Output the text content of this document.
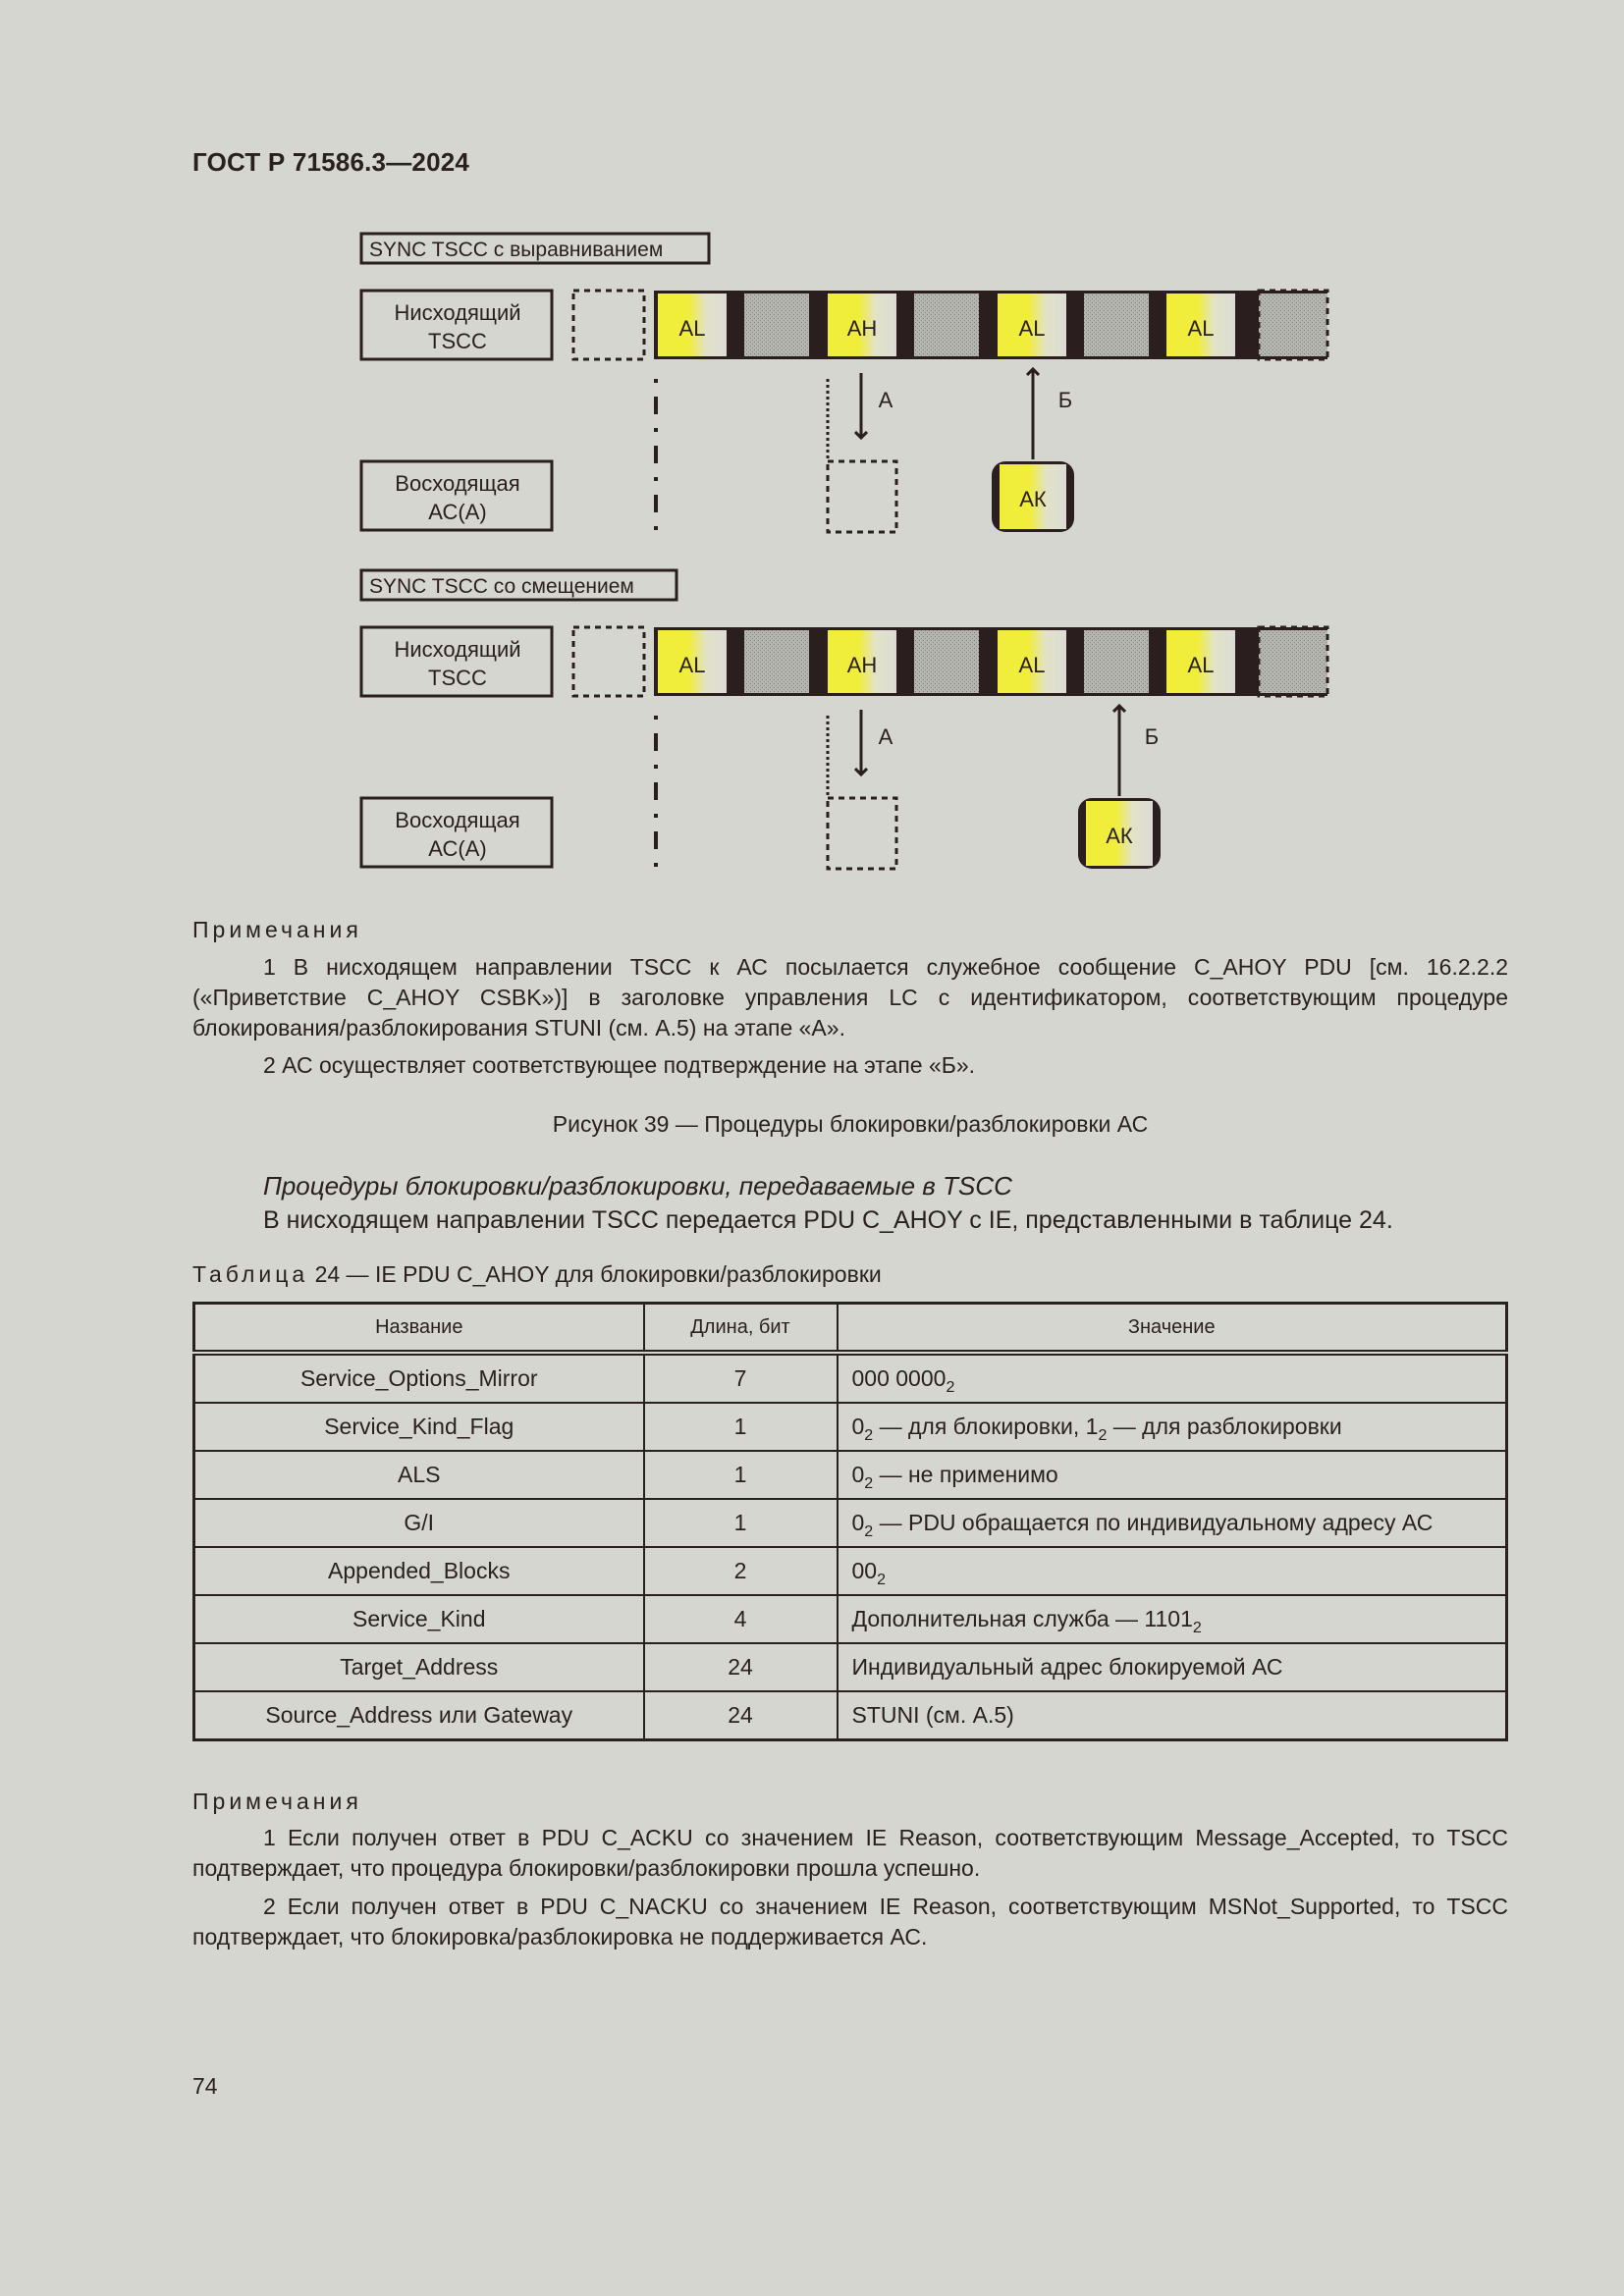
ГОСТ Р 71586.3—2024
SYNC TSCC с выравниванием
Нисходящий
TSCC
AL	AH	AL	AL
Восходящая
АС(А)
А	Б
АК
SYNC TSCC со смещением
Нисходящий
TSCC
AL	AH	AL	AL
Восходящая
АС(А)
А	Б
АК
Примечания
1 В нисходящем направлении TSCC к АС посылается служебное сообщение C_AHOY PDU [см. 16.2.2.2 («Приветствие C_AHOY CSBK»)] в заголовке управления LC с идентификатором, соответствующим процедуре блокирования/разблокирования STUNI (см. А.5) на этапе «А».
2 АС осуществляет соответствующее подтверждение на этапе «Б».
Рисунок 39 — Процедуры блокировки/разблокировки АС
Процедуры блокировки/разблокировки, передаваемые в TSCC
В нисходящем направлении TSCC передается PDU C_AHOY с IE, представленными в таблице 24.
Таблица 24 — IE PDU C_AHOY для блокировки/разблокировки
Название	Длина, бит	Значение
Service_Options_Mirror	7	000 $0000_2$
Service_Kind_Flag	1	$0_2$ — для блокировки, $1_2$ — для разблокировки
ALS	1	$0_2$ — не применимо
G/I	1	$0_2$ — PDU обращается по индивидуальному адресу АС
Appended_Blocks	2	$00_2$
Service_Kind	4	Дополнительная служба — $1101_2$
Target_Address	24	Индивидуальный адрес блокируемой АС
Source_Address или Gateway	24	STUNI (см. А.5)
Примечания
1 Если получен ответ в PDU C_ACKU со значением IE Reason, соответствующим Message_Accepted, то TSCC подтверждает, что процедура блокировки/разблокировки прошла успешно.
2 Если получен ответ в PDU C_NACKU со значением IE Reason, соответствующим MSNot_Supported, то TSCC подтверждает, что блокировка/разблокировка не поддерживается АС.
74
